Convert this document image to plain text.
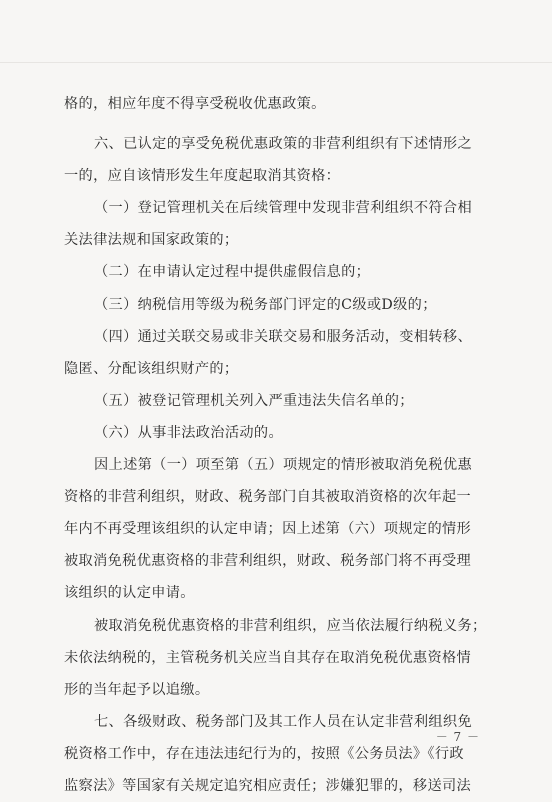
格的，相应年度不得享受税收优惠政策。

六、已认定的享受免税优惠政策的非营利组织有下述情形之

一的，应自该情形发生年度起取消其资格：

（一）登记管理机关在后续管理中发现非营利组织不符合相

关法律法规和国家政策的；

（二）在申请认定过程中提供虚假信息的；

（三）纳税信用等级为税务部门评定的C级或D级的；

（四）通过关联交易或非关联交易和服务活动，变相转移、

隐匿、分配该组织财产的；

（五）被登记管理机关列入严重违法失信名单的；

（六）从事非法政治活动的。

因上述第（一）项至第（五）项规定的情形被取消免税优惠

资格的非营利组织，财政、税务部门自其被取消资格的次年起一

年内不再受理该组织的认定申请；因上述第（六）项规定的情形

被取消免税优惠资格的非营利组织，财政、税务部门将不再受理

该组织的认定申请。

被取消免税优惠资格的非营利组织，应当依法履行纳税义务；

未依法纳税的，主管税务机关应当自其存在取消免税优惠资格情

形的当年起予以追缴。

七、各级财政、税务部门及其工作人员在认定非营利组织免

税资格工作中，存在违法违纪行为的，按照《公务员法》《行政

监察法》等国家有关规定追究相应责任；涉嫌犯罪的，移送司法

－ 7 －
